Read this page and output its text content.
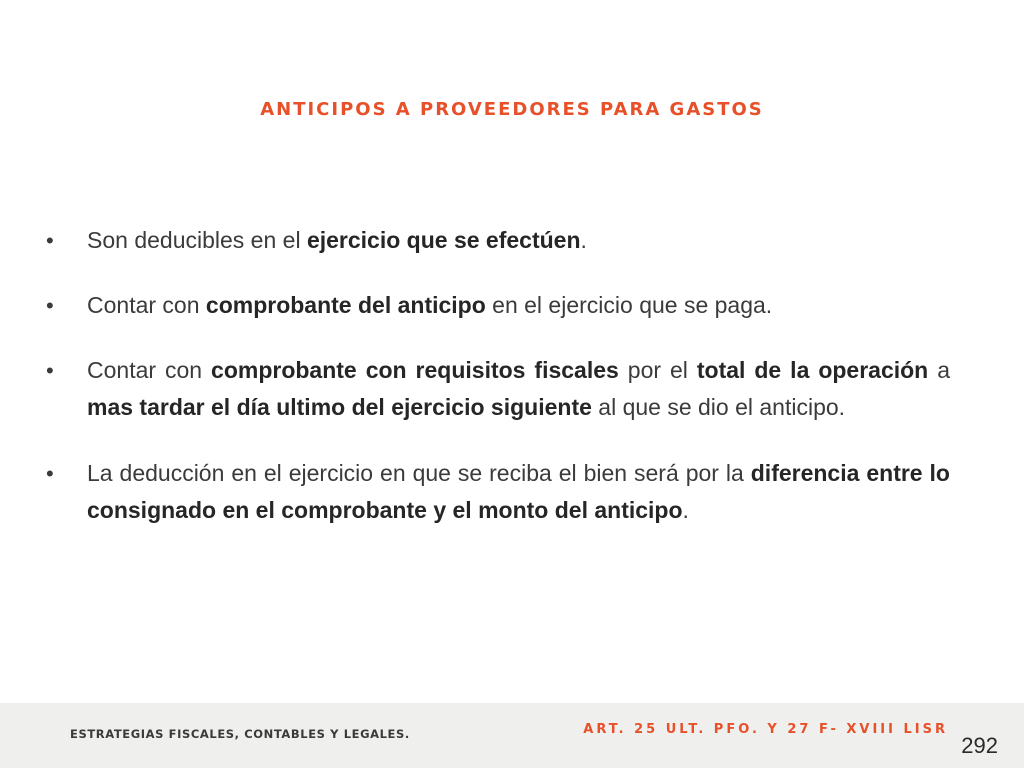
ANTICIPOS A PROVEEDORES PARA GASTOS
•	Son deducibles en el ejercicio que se efectúen.
•	Contar con comprobante del anticipo en el ejercicio que se paga.
•	Contar con comprobante con requisitos fiscales por el total de la operación a mas tardar el día ultimo del ejercicio siguiente al que se dio el anticipo.
•	La deducción en el ejercicio en que se reciba el bien será por la diferencia entre lo consignado en el comprobante y el monto del anticipo.
ESTRATEGIAS FISCALES, CONTABLES Y LEGALES.	ART. 25 ULT. PFO. Y 27 F- XVIII LISR
292
